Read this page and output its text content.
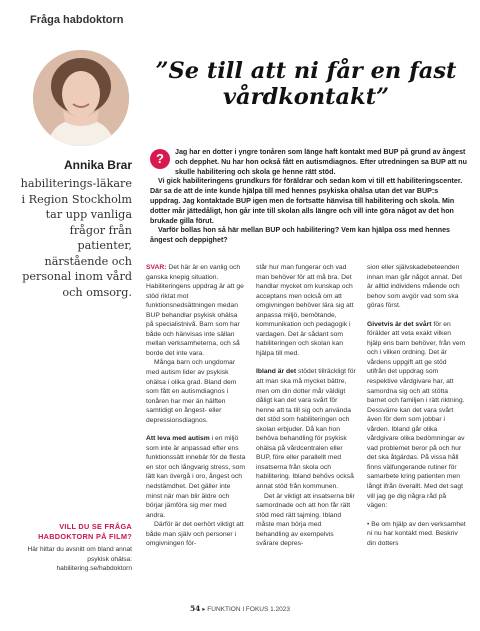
Fråga habdoktorn
Annika Brar
habiliterings-läkare i Region Stockholm tar upp vanliga frågor från patienter, närstående och personal inom vård och omsorg.
VILL DU SE FRÅGA HABDOKTORN PÅ FILM?
Här hittar du avsnitt om bland annat psykisk ohälsa: habilitering.se/habdoktorn
”Se till att ni får en fast vårdkontakt”
?	Jag har en dotter i yngre tonåren som länge haft kontakt med BUP på grund av ångest och depphet. Nu har hon också fått en autismdiagnos. Efter utredningen sa BUP att nu skulle habilitering och skola ge henne rätt stöd.

Vi gick habiliteringens grundkurs för föräldrar och sedan kom vi till ett habiliteringscenter. Där sa de att de inte kunde hjälpa till med hennes psykiska ohälsa utan det var BUP:s uppdrag. Jag kontaktade BUP igen men de fortsatte hänvisa till habilitering och skola. Min dotter mår jättedåligt, hon går inte till skolan alls längre och vill inte göra något av det hon brukade gilla förut.

Varför bollas hon så här mellan BUP och habilitering? Vem kan hjälpa oss med hennes ångest och deppighet?

SVAR: Det här är en vanlig och ganska knepig situation. Habiliteringens uppdrag är att ge stöd riktat mot funktionsnedsättningen medan BUP behandlar psykisk ohälsa på specialistnivå. Barn som har både och hänvisas inte sällan mellan verksamheterna, och så borde det inte vara.

Många barn och ungdomar med autism lider av psykisk ohälsa i olika grad. Bland dem som fått en autismdiagnos i tonåren har mer än hälften samtidigt en ångest- eller depressionsdiagnos.

Att leva med autism i en miljö som inte är anpassad efter ens funktionssätt innebär för de flesta en stor och långvarig stress, som lätt kan övergå i oro, ångest och nedstämdhet. Det gäller inte minst när man blir äldre och börjar jämföra sig mer med andra.

Därför är det oerhört viktigt att både man själv och personer i omgivningen för-

står hur man fungerar och vad man behöver för att må bra. Det handlar mycket om kunskap och acceptans men också om att omgivningen behöver lära sig att anpassa miljö, bemötande, kommunikation och pedagogik i vardagen. Det är sådant som habiliteringen och skolan kan hjälpa till med.

Ibland är det stödet tillräckligt för att man ska må mycket bättre, men om din dotter mår väldigt dåligt kan det vara svårt för henne att ta till sig och använda det stöd som habiliteringen och skolan erbjuder. Då kan hon behöva behandling för psykisk ohälsa på vårdcentralen eller BUP, före eller parallellt med insatserna från skola och habilitering. Ibland behövs också annat stöd från kommunen.

Det är viktigt att insatserna blir samordnade och att hon får rätt stöd med rätt tajming. Ibland måste man börja med behandling av exempelvis svårare depres-

sion eller självskadebeteenden innan man går något annat. Det är alltid individens mående och behov som avgör vad som ska göras först.

Givetvis är det svårt för en förälder att veta exakt vilken hjälp ens barn behöver, från vem och i vilken ordning. Det är vårdens uppgift att ge stöd utifrån det uppdrag som respektive vårdgivare har, att samordna sig och att stötta barnet och familjen i rätt riktning. Dessvärre kan det vara svårt även för dem som jobbar i vården. Ibland går olika vårdgivare olika bedömningar av vad problemet beror på och hur det ska åtgärdas. På vissa håll finns välfungerande rutiner för samarbete kring patienten men långt ifrån överallt. Med det sagt vill jag ge dig några råd på vägen:

• Be om hjälp av den verksamhet ni nu har kontakt med. Beskriv din dotters

54 ▸ FUNKTION I FOKUS 1.2023
